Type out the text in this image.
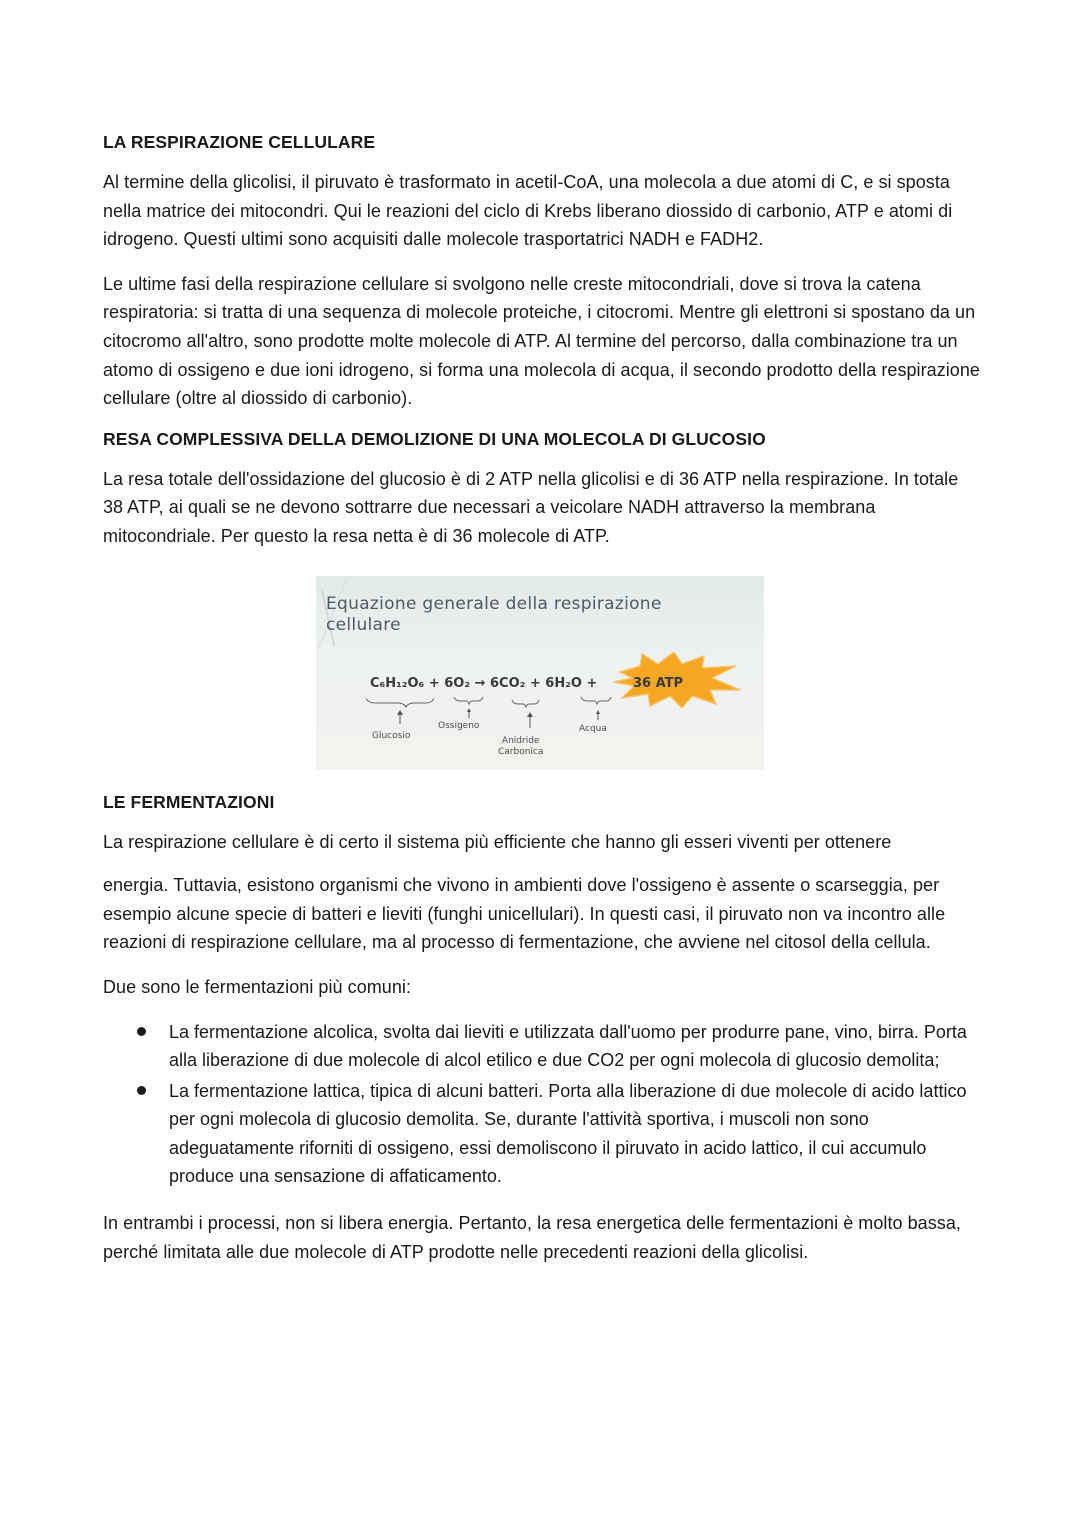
LA RESPIRAZIONE CELLULARE

Al termine della glicolisi, il piruvato è trasformato in acetil-CoA, una molecola a due atomi di C, e si sposta nella matrice dei mitocondri. Qui le reazioni del ciclo di Krebs liberano diossido di carbonio, ATP e atomi di idrogeno. Questi ultimi sono acquisiti dalle molecole trasportatrici NADH e FADH2.

Le ultime fasi della respirazione cellulare si svolgono nelle creste mitocondriali, dove si trova la catena respiratoria: si tratta di una sequenza di molecole proteiche, i citocromi. Mentre gli elettroni si spostano da un citocromo all'altro, sono prodotte molte molecole di ATP. Al termine del percorso, dalla combinazione tra un atomo di ossigeno e due ioni idrogeno, si forma una molecola di acqua, il secondo prodotto della respirazione cellulare (oltre al diossido di carbonio).

RESA COMPLESSIVA DELLA DEMOLIZIONE DI UNA MOLECOLA DI GLUCOSIO

La resa totale dell'ossidazione del glucosio è di 2 ATP nella glicolisi e di 36 ATP nella respirazione. In totale 38 ATP, ai quali se ne devono sottrarre due necessari a veicolare NADH attraverso la membrana mitocondriale. Per questo la resa netta è di 36 molecole di ATP.

Equazione generale della respirazione
cellulare
C₆H₁₂O₆ + 6O₂ → 6CO₂ + 6H₂O +	36 ATP
Glucosio
Ossigeno
Anidride
Carbonica
Acqua
LE FERMENTAZIONI

La respirazione cellulare è di certo il sistema più efficiente che hanno gli esseri viventi per ottenere

energia. Tuttavia, esistono organismi che vivono in ambienti dove l'ossigeno è assente o scarseggia, per esempio alcune specie di batteri e lieviti (funghi unicellulari). In questi casi, il piruvato non va incontro alle reazioni di respirazione cellulare, ma al processo di fermentazione, che avviene nel citosol della cellula.

Due sono le fermentazioni più comuni:

La fermentazione alcolica, svolta dai lieviti e utilizzata dall'uomo per produrre pane, vino, birra. Porta alla liberazione di due molecole di alcol etilico e due CO2 per ogni molecola di glucosio demolita;
La fermentazione lattica, tipica di alcuni batteri. Porta alla liberazione di due molecole di acido lattico per ogni molecola di glucosio demolita. Se, durante l'attività sportiva, i muscoli non sono adeguatamente riforniti di ossigeno, essi demoliscono il piruvato in acido lattico, il cui accumulo produce una sensazione di affaticamento.

In entrambi i processi, non si libera energia. Pertanto, la resa energetica delle fermentazioni è molto bassa, perché limitata alle due molecole di ATP prodotte nelle precedenti reazioni della glicolisi.
